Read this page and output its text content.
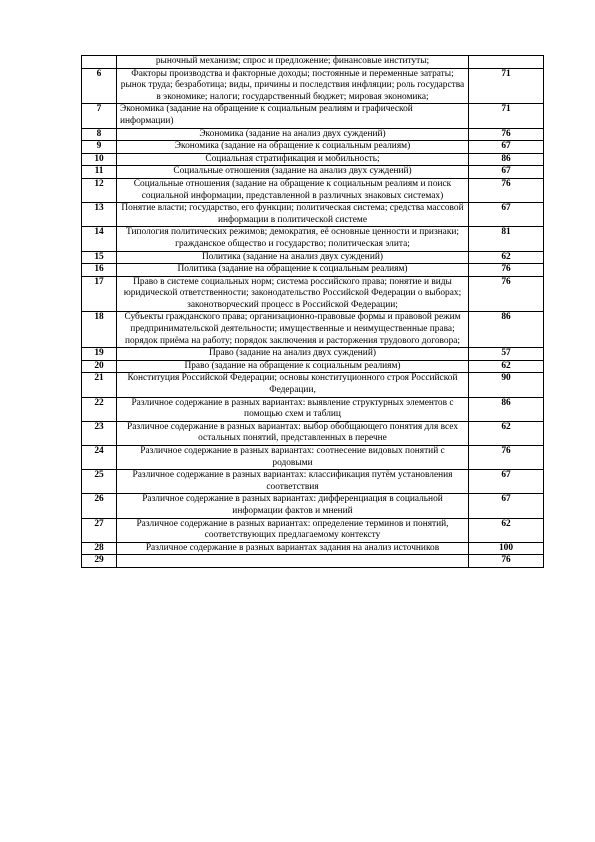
	рыночный механизм; спрос и предложение; финансовые институты;	
6	Факторы производства и факторные доходы; постоянные и переменные затраты; рынок труда; безработица; виды, причины и последствия инфляции; роль государства в экономике; налоги; государственный бюджет; мировая экономика;	71
7	Экономика (задание на обращение к социальным реалиям и графической информации)	71
8	Экономика (задание на анализ двух суждений)	76
9	Экономика (задание на обращение к социальным реалиям)	67
10	Социальная стратификация и мобильность;	86
11	Социальные отношения (задание на анализ двух суждений)	67
12	Социальные отношения (задание на обращение к социальным реалиям и поиск социальной информации, представленной в различных знаковых системах)	76
13	Понятие власти; государство, его функции; политическая система; средства массовой информации в политической системе	67
14	Типология политических режимов; демократия, её основные ценности и признаки; гражданское общество и государство; политическая элита;	81
15	Политика (задание на анализ двух суждений)	62
16	Политика (задание на обращение к социальным реалиям)	76
17	Право в системе социальных норм; система российского права; понятие и виды юридической ответственности; законодательство Российской Федерации о выборах; законотворческий процесс в Российской Федерации;	76
18	Субъекты гражданского права; организационно-правовые формы и правовой режим предпринимательской деятельности; имущественные и неимущественные права; порядок приёма на работу; порядок заключения и расторжения трудового договора;	86
19	Право (задание на анализ двух суждений)	57
20	Право (задание на обращение к социальным реалиям)	62
21	Конституция Российской Федерации; основы конституционного строя Российской Федерации,	90
22	Различное содержание в разных вариантах: выявление структурных элементов с помощью схем и таблиц	86
23	Различное содержание в разных вариантах: выбор обобщающего понятия для всех остальных понятий, представленных в перечне	62
24	Различное содержание в разных вариантах: соотнесение видовых понятий с родовыми	76
25	Различное содержание в разных вариантах: классификация путём установления соответствия	67
26	Различное содержание в разных вариантах: дифференциация в социальной информации фактов и мнений	67
27	Различное содержание в разных вариантах: определение терминов и понятий, соответствующих предлагаемому контексту	62
28	Различное содержание в разных вариантах задания на анализ источников	100
29		76
